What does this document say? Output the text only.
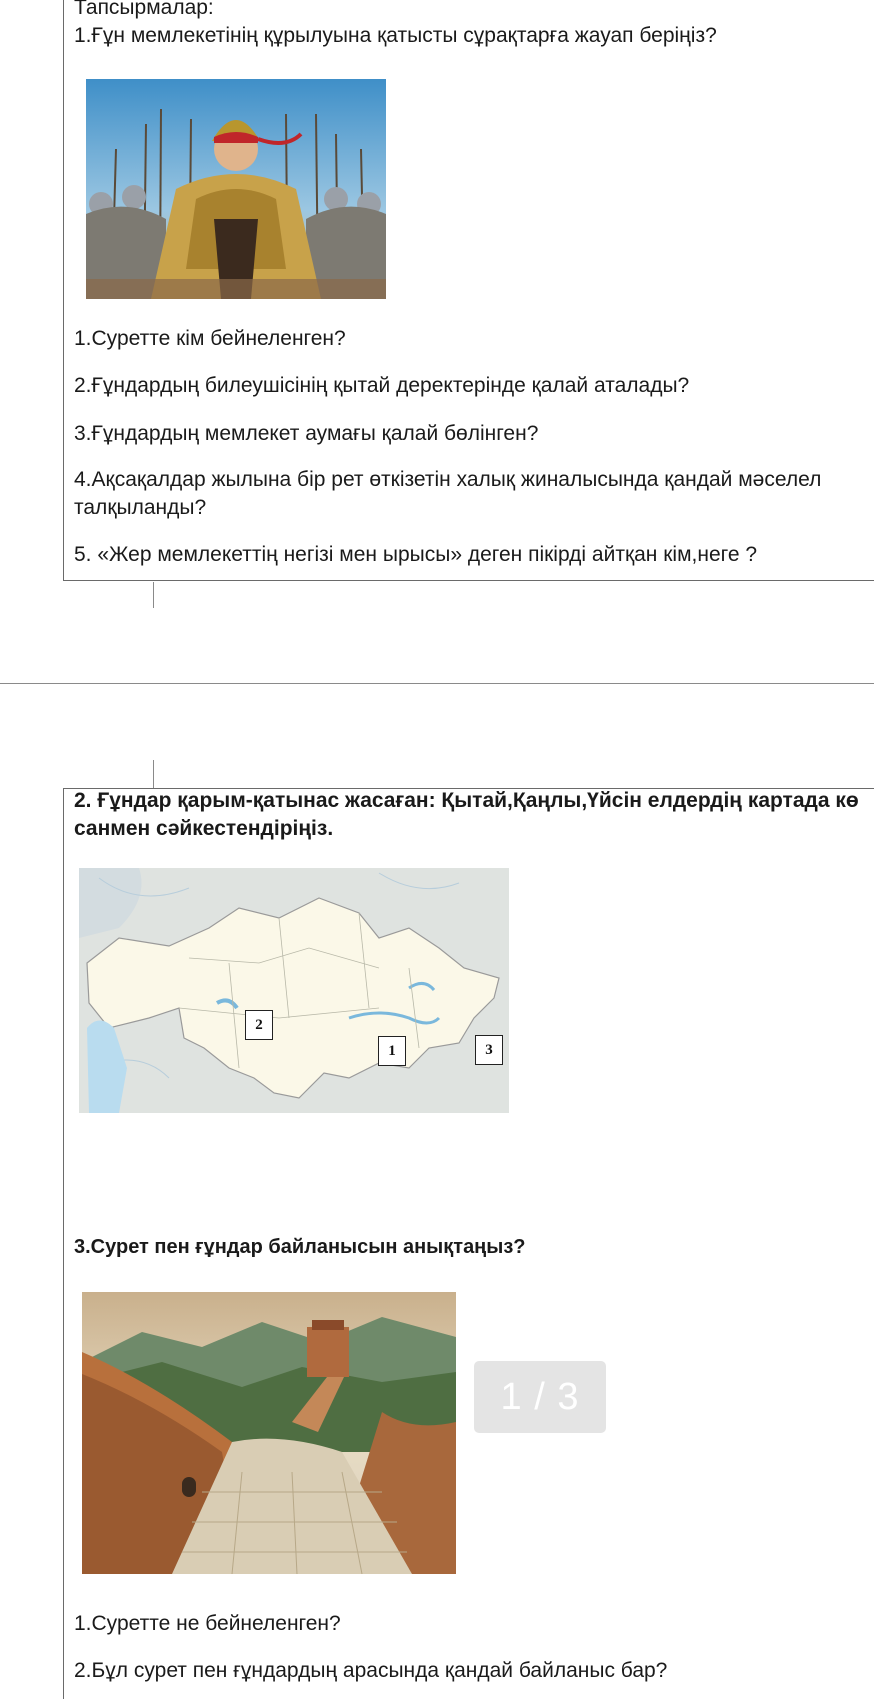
Тапсырмалар:
1.Ғұн мемлекетінің құрылуына қатысты сұрақтарға жауап беріңіз?
1.Суретте кім бейнеленген?
2.Ғұндардың билеушісінің қытай деректерінде қалай аталады?
3.Ғұндардың мемлекет аумағы қалай бөлінген?
4.Ақсақалдар жылына бір рет өткізетін халық жиналысында қандай мәселел
талқыланды?
5. «Жер мемлекеттің негізі мен ырысы» деген пікірді айтқан кім,неге ?
2. Ғұндар қарым-қатынас жасаған: Қытай,Қаңлы,Үйсін елдердің картада кө
санмен сәйкестендіріңіз.
2
1	3
3.Сурет пен ғұндар байланысын анықтаңыз?
1 / 3
1.Суретте не бейнеленген?
2.Бұл сурет пен ғұндардың арасында қандай байланыс бар?
